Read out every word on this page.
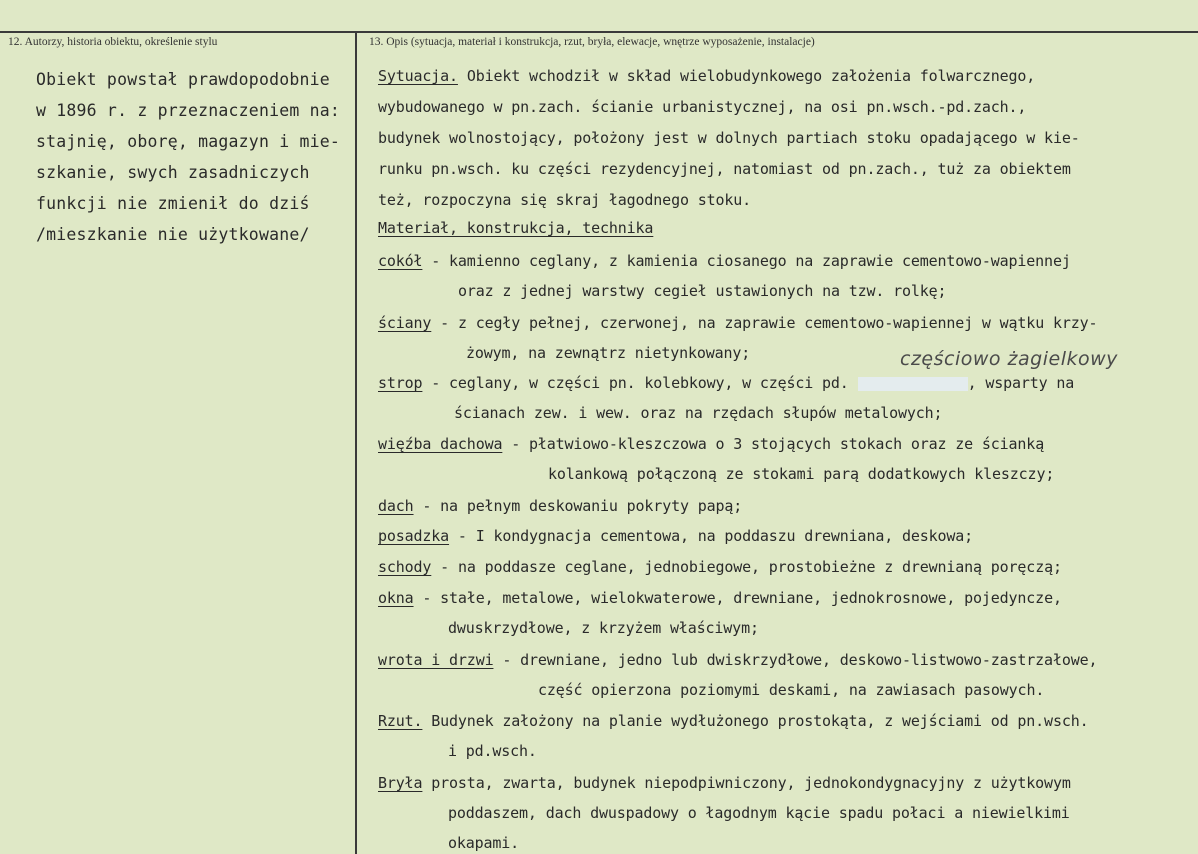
12. Autorzy, historia obiektu, określenie stylu	13. Opis (sytuacja, materiał i konstrukcja, rzut, bryła, elewacje, wnętrze wyposażenie, instalacje)
Obiekt powstał prawdopodobnie
w 1896 r. z przeznaczeniem na:
stajnię, oborę, magazyn i mie-
szkanie, swych zasadniczych
funkcji nie zmienił do dziś
/mieszkanie nie użytkowane/
częściowo żagielkowy
Sytuacja. Obiekt wchodził w skład wielobudynkowego założenia folwarcznego,
wybudowanego w pn.zach. ścianie urbanistycznej, na osi pn.wsch.-pd.zach.,
budynek wolnostojący, położony jest w dolnych partiach stoku opadającego w kie-
runku pn.wsch. ku części rezydencyjnej, natomiast od pn.zach., tuż za obiektem
też, rozpoczyna się skraj łagodnego stoku.
Materiał, konstrukcja, technika
cokół - kamienno ceglany, z kamienia ciosanego na zaprawie cementowo-wapiennej
oraz z jednej warstwy cegieł ustawionych na tzw. rolkę;
ściany - z cegły pełnej, czerwonej, na zaprawie cementowo-wapiennej w wątku krzy-
żowym, na zewnątrz nietynkowany;
strop - ceglany, w części pn. kolebkowy, w części pd.	, wsparty na
ścianach zew. i wew. oraz na rzędach słupów metalowych;
więźba dachowa - płatwiowo-kleszczowa o 3 stojących stokach oraz ze ścianką
kolankową połączoną ze stokami parą dodatkowych kleszczy;
dach - na pełnym deskowaniu pokryty papą;
posadzka - I kondygnacja cementowa, na poddaszu drewniana, deskowa;
schody - na poddasze ceglane, jednobiegowe, prostobieżne z drewnianą poręczą;
okna - stałe, metalowe, wielokwaterowe, drewniane, jednokrosnowe, pojedyncze,
dwuskrzydłowe, z krzyżem właściwym;
wrota i drzwi - drewniane, jedno lub dwiskrzydłowe, deskowo-listwowo-zastrzałowe,
część opierzona poziomymi deskami, na zawiasach pasowych.
Rzut. Budynek założony na planie wydłużonego prostokąta, z wejściami od pn.wsch.
i pd.wsch.
Bryła prosta, zwarta, budynek niepodpiwniczony, jednokondygnacyjny z użytkowym
poddaszem, dach dwuspadowy o łagodnym kącie spadu połaci a niewielkimi
okapami.
